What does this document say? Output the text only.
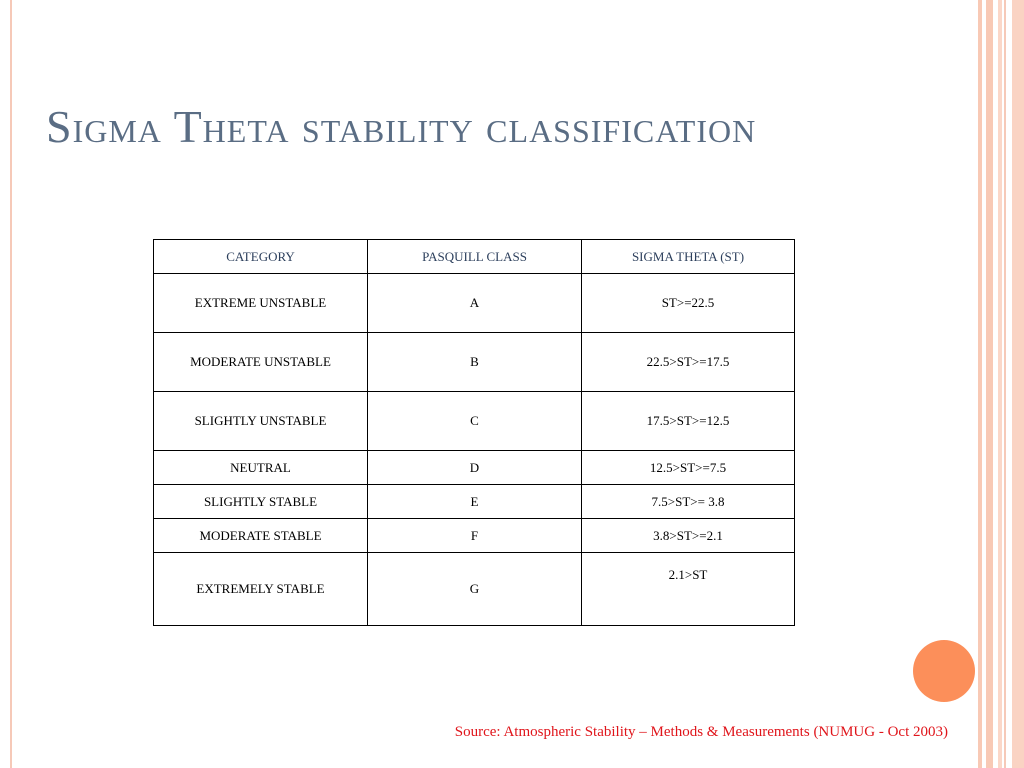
Sigma Theta stability classification
CATEGORY	PASQUILL CLASS	SIGMA THETA (ST)
EXTREME UNSTABLE	A	ST>=22.5
MODERATE UNSTABLE	B	22.5>ST>=17.5
SLIGHTLY UNSTABLE	C	17.5>ST>=12.5
NEUTRAL	D	12.5>ST>=7.5
SLIGHTLY STABLE	E	7.5>ST>= 3.8
MODERATE STABLE	F	3.8>ST>=2.1
EXTREMELY STABLE	G	2.1>ST
Source: Atmospheric Stability – Methods & Measurements (NUMUG - Oct 2003)
